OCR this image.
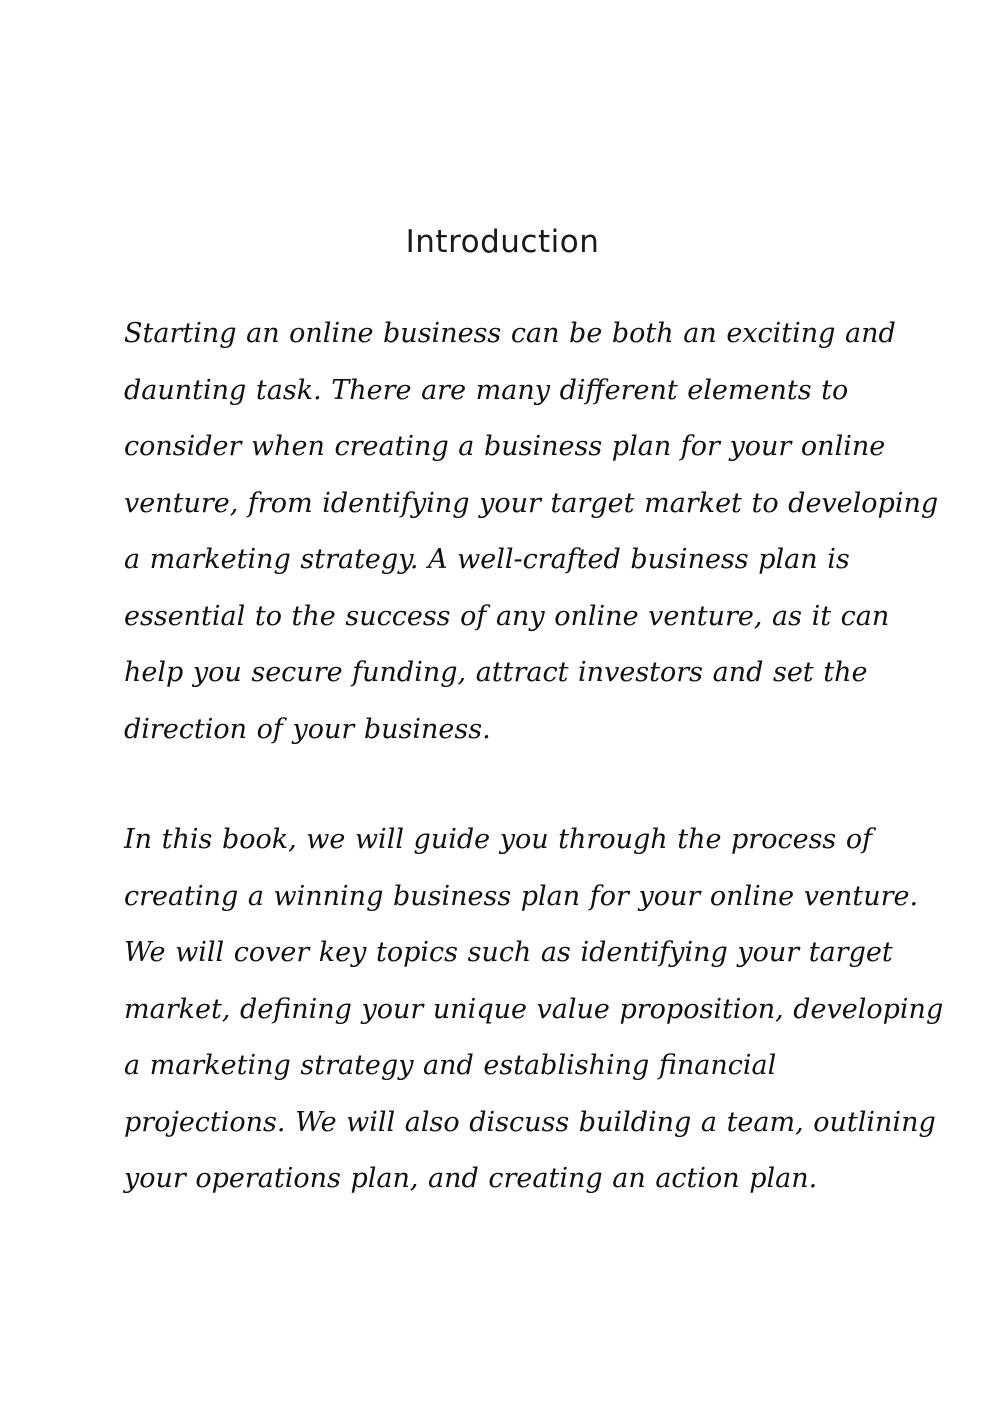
Introduction
Starting an online business can be both an exciting and
daunting task. There are many different elements to
consider when creating a business plan for your online
venture, from identifying your target market to developing
a marketing strategy. A well-crafted business plan is
essential to the success of any online venture, as it can
help you secure funding, attract investors and set the
direction of your business.
In this book, we will guide you through the process of
creating a winning business plan for your online venture.
We will cover key topics such as identifying your target
market, defining your unique value proposition, developing
a marketing strategy and establishing financial
projections. We will also discuss building a team, outlining
your operations plan, and creating an action plan.
